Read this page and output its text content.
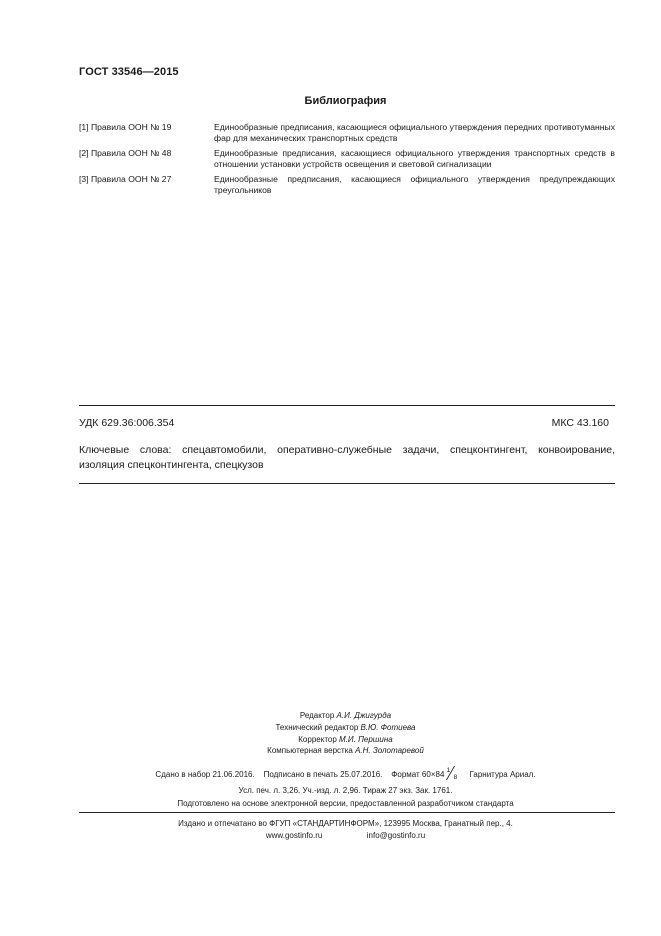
ГОСТ 33546—2015
Библиография
[1] Правила ООН № 19	Единообразные предписания, касающиеся официального утверждения передних противотуманных фар для механических транспортных средств
[2] Правила ООН № 48	Единообразные предписания, касающиеся официального утверждения транспортных средств в отношении установки устройств освещения и световой сигнализации
[3] Правила ООН № 27	Единообразные предписания, касающиеся официального утверждения предупреждающих треугольников
УДК 629.36:006.354	МКС 43.160
Ключевые слова: спецавтомобили, оперативно-служебные задачи, спецконтингент, конвоирование, изоляция спецконтингента, спецкузов
Редактор А.И. Джигурда
Технический редактор В.Ю. Фотиева
Корректор М.И. Першина
Компьютерная верстка А.Н. Золотаревой
Сдано в набор 21.06.2016. Подписано в печать 25.07.2016. Формат 60×84 1
8 Гарнитура Ариал.
Усл. печ. л. 3,26. Уч.-изд. л. 2,96. Тираж 27 экз. Зак. 1761.
Подготовлено на основе электронной версии, предоставленной разработчиком стандарта
Издано и отпечатано во ФГУП «СТАНДАРТИНФОРМ», 123995 Москва, Гранатный пер., 4.
www.gostinfo.ru	info@gostinfo.ru
